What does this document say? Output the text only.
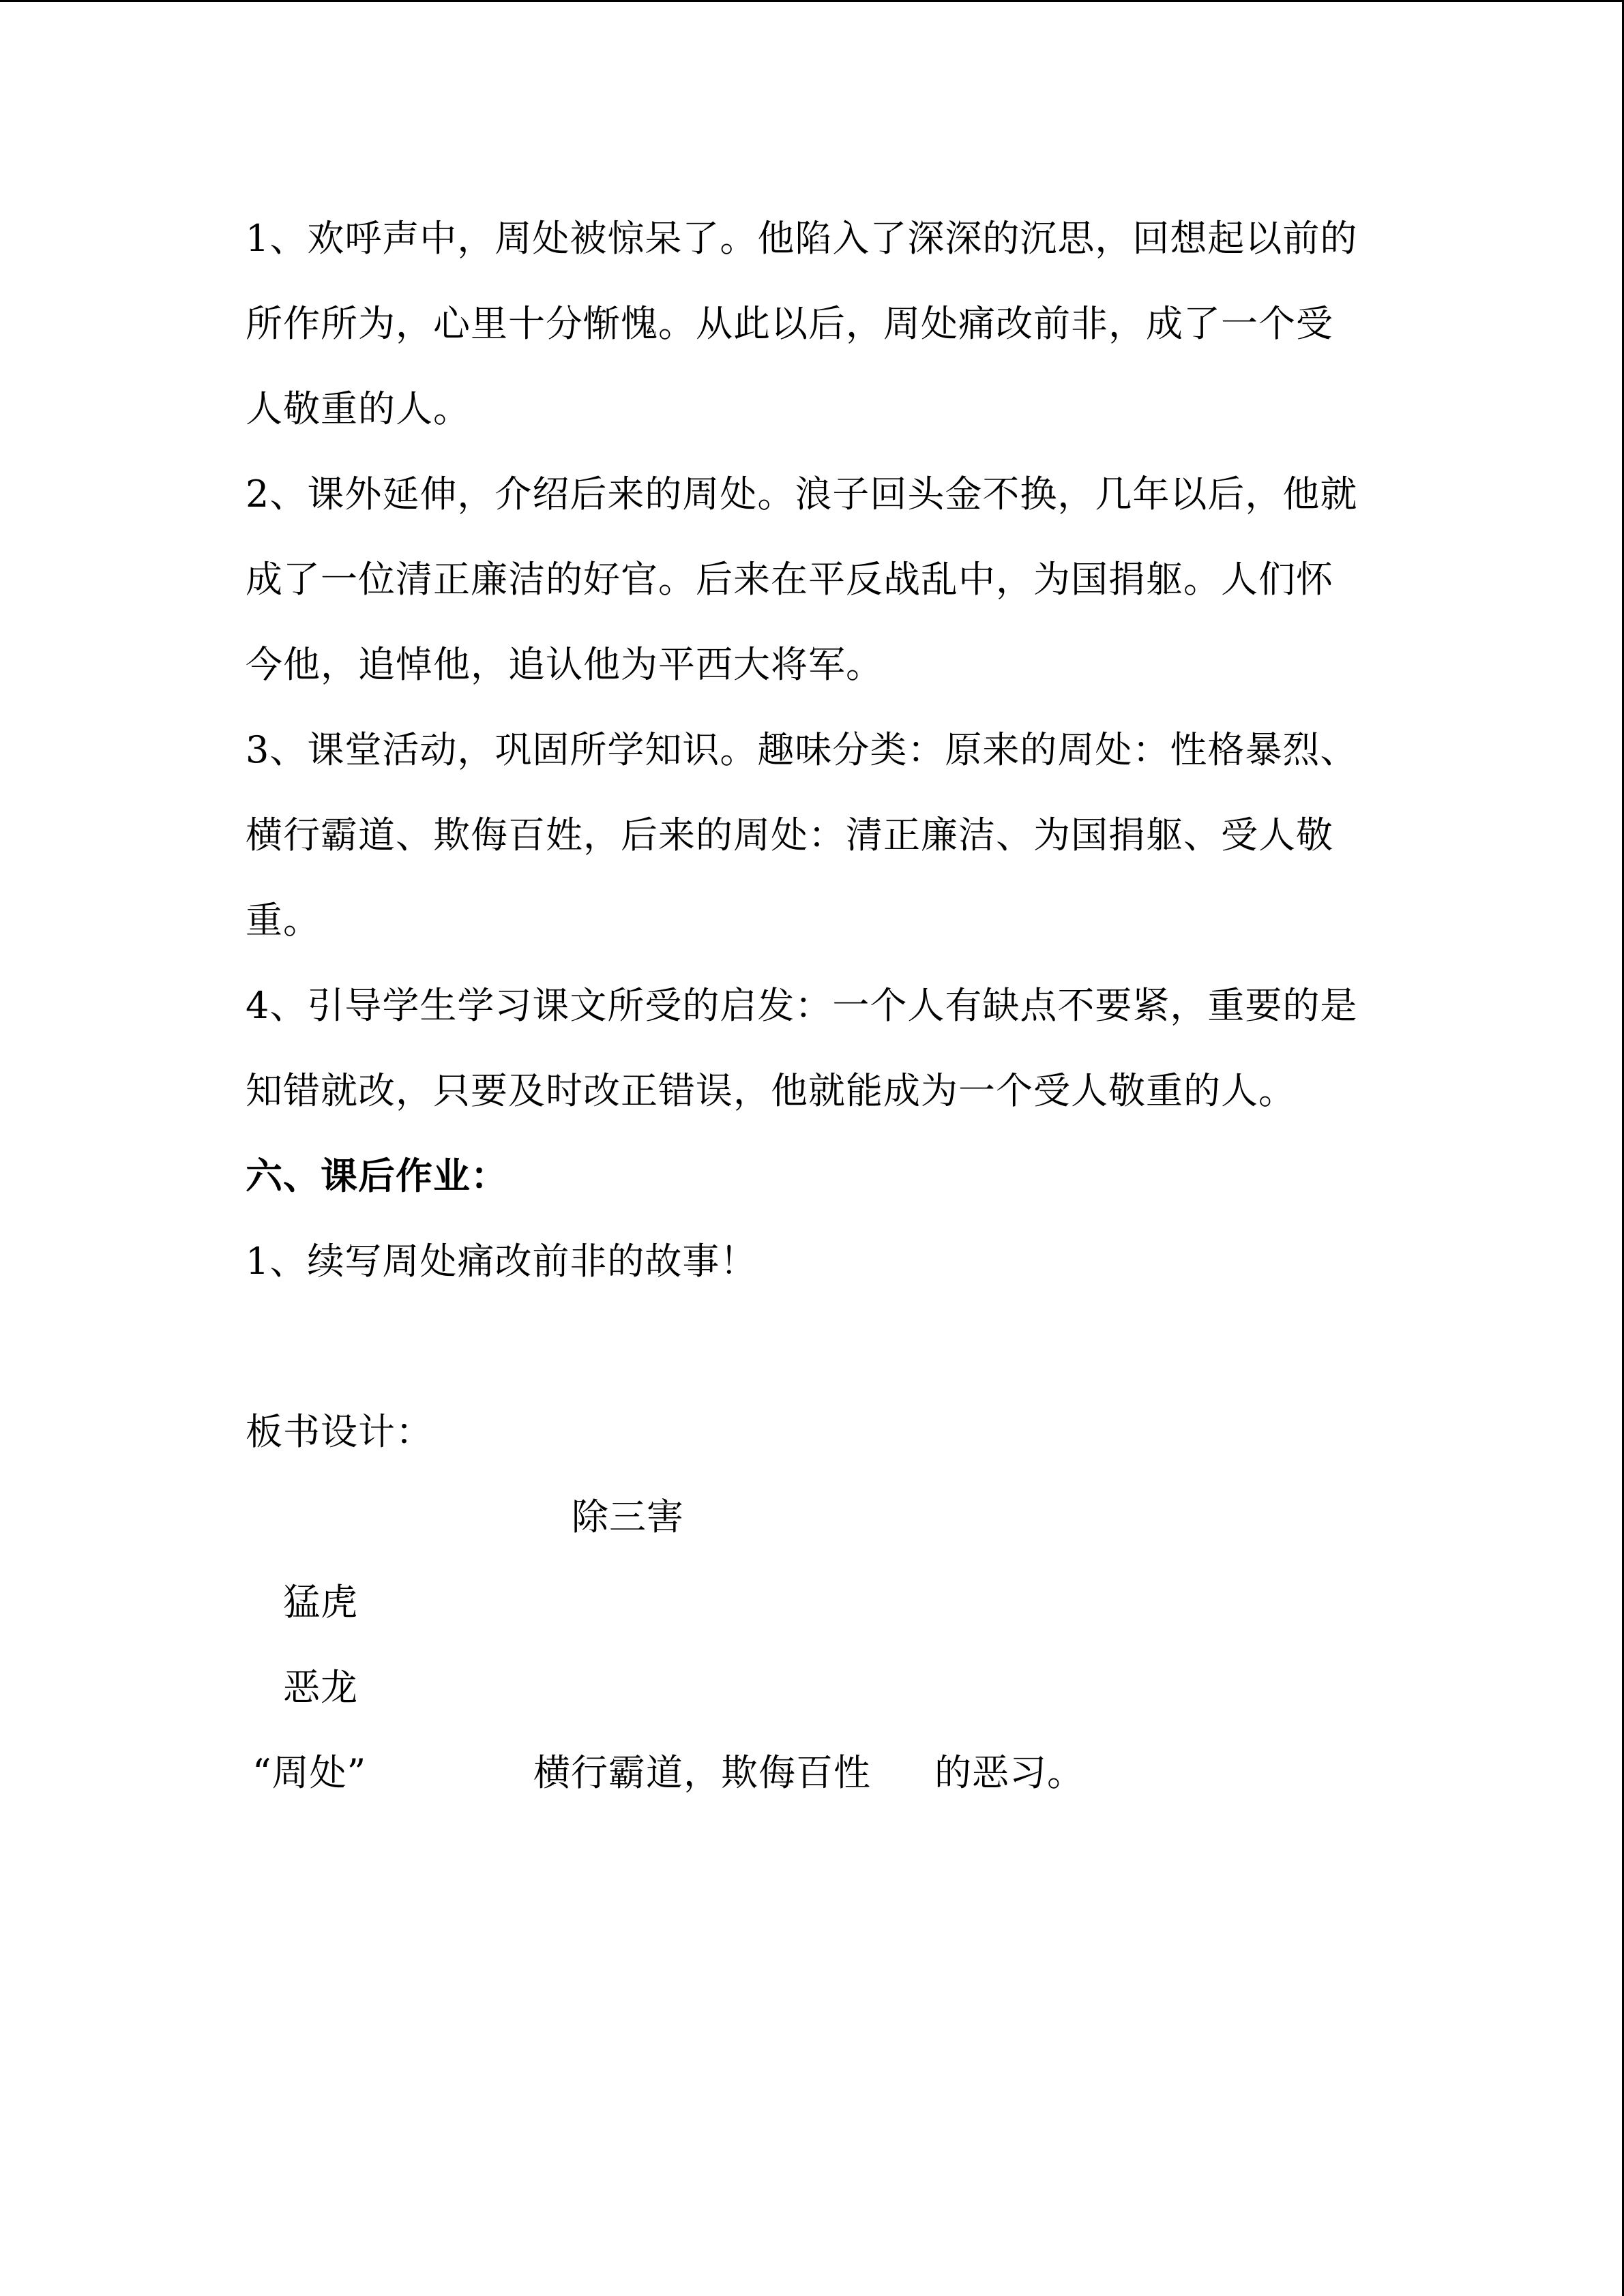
1、欢呼声中，周处被惊呆了。他陷入了深深的沉思，回想起以前的
所作所为，心里十分惭愧。从此以后，周处痛改前非，成了一个受
人敬重的人。
2、课外延伸，介绍后来的周处。浪子回头金不换，几年以后，他就
成了一位清正廉洁的好官。后来在平反战乱中，为国捐躯。人们怀
今他，追悼他，追认他为平西大将军。
3、课堂活动，巩固所学知识。趣味分类：原来的周处：性格暴烈、
横行霸道、欺侮百姓，后来的周处：清正廉洁、为国捐躯、受人敬
重。
4、引导学生学习课文所受的启发：一个人有缺点不要紧，重要的是
知错就改，只要及时改正错误，他就能成为一个受人敬重的人。
六、课后作业：
1、续写周处痛改前非的故事！
板书设计：
除三害
猛虎
恶龙
“周处”	横行霸道，欺侮百性	的恶习。
